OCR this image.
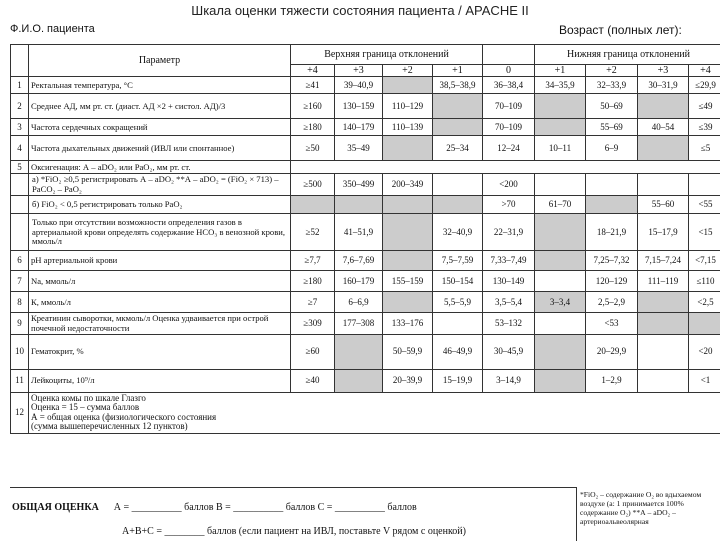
Шкала оценки тяжести состояния пациента / APACHE II
Ф.И.О. пациента	Возраст (полных лет):
	Параметр	Верхняя граница отклонений					Нижняя граница отклонений			
		+4	+3	+2	+1	0	+1	+2	+3	+4
1	Ректальная температура, °С	≥41	39–40,9		38,5–38,9	36–38,4	34–35,9	32–33,9	30–31,9	≤29,9
2	Среднее АД, мм рт. ст. (диаст. АД ×2 + систол. АД)/3	≥160	130–159	110–129		70–109		50–69		≤49
3	Частота сердечных сокращений	≥180	140–179	110–139		70–109		55–69	40–54	≤39
4	Частота дыхательных движений (ИВЛ или спонтанное)	≥50	35–49		25–34	12–24	10–11	6–9		≤5
5	Оксигенация: А – aDO₂ или PaO₂, мм рт. ст.									
	а) *FiO₂ ≥0,5 регистрировать А – aDO₂ **А – aDO₂ = (FiO₂ × 713) – PaCO₂ – PaO₂	≥500	350–499	200–349		<200				
	б) FiO₂ < 0,5 регистрировать только PaO₂					>70	61–70		55–60	<55
	Только при отсутствии возможности определения газов в артериальной крови определять содержание HCO₃ в венозной крови, ммоль/л	≥52	41–51,9		32–40,9	22–31,9		18–21,9	15–17,9	<15
6	pH артериальной крови	≥7,7	7,6–7,69		7,5–7,59	7,33–7,49		7,25–7,32	7,15–7,24	<7,15
7	Na, ммоль/л	≥180	160–179	155–159	150–154	130–149		120–129	111–119	≤110
8	К, ммоль/л	≥7	6–6,9		5,5–5,9	3,5–5,4	3–3,4	2,5–2,9		<2,5
9	Креатинин сыворотки, мкмоль/л Оценка удваивается при острой почечной недостаточности	≥309	177–308	133–176		53–132		<53		
10	Гематокрит, %	≥60		50–59,9	46–49,9	30–45,9		20–29,9		<20
11	Лейкоциты, 10⁹/л	≥40		20–39,9	15–19,9	3–14,9		1–2,9		<1
12	Оценка комы по шкале Глазго
Оценка = 15 – сумма баллов
А = общая оценка (физиологического состояния
(сумма вышеперечисленных 12 пунктов)									
ОБЩАЯ ОЦЕНКА А = __________ баллов В = __________ баллов С = __________ баллов
А+В+С = ________ баллов (если пациент на ИВЛ, поставьте V рядом с оценкой)
*FiO₂ – содержание O₂ во вдыхаемом воздухе (а: 1 принимается 100% содержание O₂) **А – aDO₂ – артериоальвеолярная
